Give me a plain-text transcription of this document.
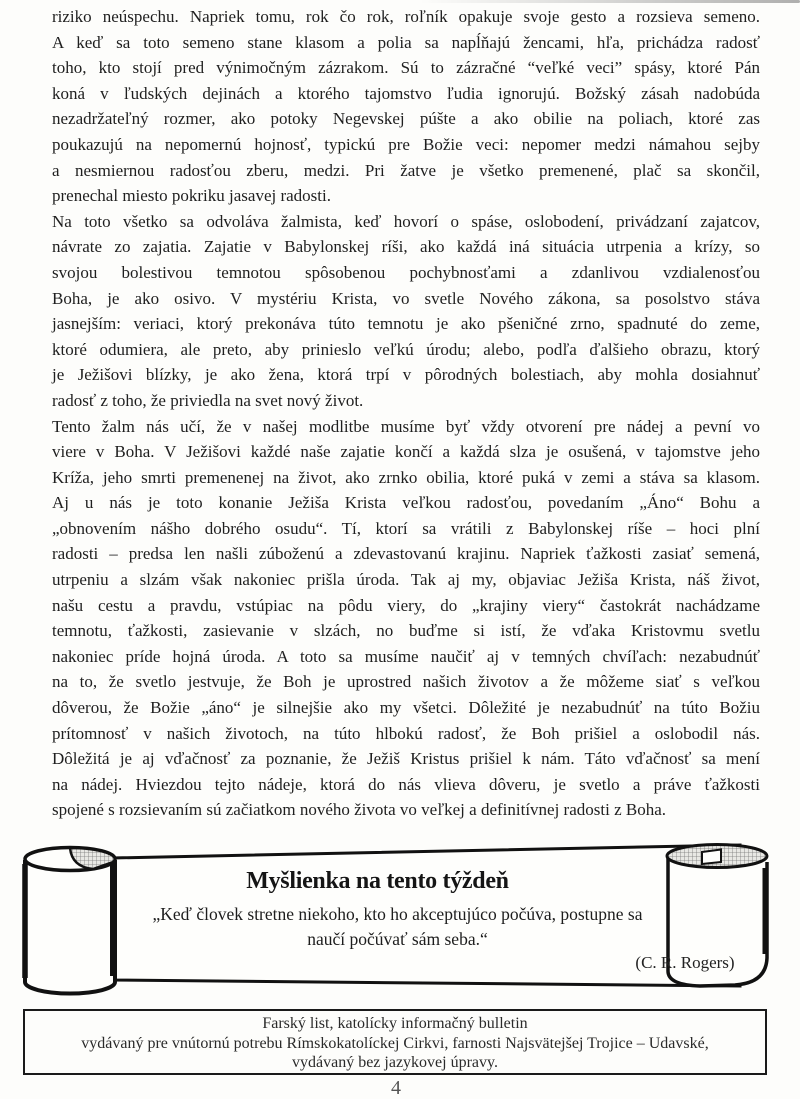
riziko neúspechu. Napriek tomu, rok čo rok, roľník opakuje svoje gesto a rozsieva semeno.
A keď sa toto semeno stane klasom a polia sa napĺňajú žencami, hľa, prichádza radosť
toho, kto stojí pred výnimočným zázrakom. Sú to zázračné “veľké veci” spásy, ktoré Pán
koná v ľudských dejinách a ktorého tajomstvo ľudia ignorujú. Božský zásah nadobúda
nezadržateľný rozmer, ako potoky Negevskej púšte a ako obilie na poliach, ktoré zas
poukazujú na nepomernú hojnosť, typickú pre Božie veci: nepomer medzi námahou sejby
a nesmiernou radosťou zberu, medzi. Pri žatve je všetko premenené, plač sa skončil,
prenechal miesto pokriku jasavej radosti.
Na toto všetko sa odvoláva žalmista, keď hovorí o spáse, oslobodení, privádzaní zajatcov,
návrate zo zajatia. Zajatie v Babylonskej ríši, ako každá iná situácia utrpenia a krízy, so
svojou bolestivou temnotou spôsobenou pochybnosťami a zdanlivou vzdialenosťou
Boha, je ako osivo. V mystériu Krista, vo svetle Nového zákona, sa posolstvo stáva
jasnejším: veriaci, ktorý prekonáva túto temnotu je ako pšeničné zrno, spadnuté do zeme,
ktoré odumiera, ale preto, aby prinieslo veľkú úrodu; alebo, podľa ďalšieho obrazu, ktorý
je Ježišovi blízky, je ako žena, ktorá trpí v pôrodných bolestiach, aby mohla dosiahnuť
radosť z toho, že priviedla na svet nový život.
Tento žalm nás učí, že v našej modlitbe musíme byť vždy otvorení pre nádej a pevní vo
viere v Boha. V Ježišovi každé naše zajatie končí a každá slza je osušená, v tajomstve jeho
Kríža, jeho smrti premenenej na život, ako zrnko obilia, ktoré puká v zemi a stáva sa klasom.
Aj u nás je toto konanie Ježiša Krista veľkou radosťou, povedaním „Áno“ Bohu a
„obnovením nášho dobrého osudu“. Tí, ktorí sa vrátili z Babylonskej ríše – hoci plní
radosti – predsa len našli zúboženú a zdevastovanú krajinu. Napriek ťažkosti zasiať semená,
utrpeniu a slzám však nakoniec prišla úroda. Tak aj my, objaviac Ježiša Krista, náš život,
našu cestu a pravdu, vstúpiac na pôdu viery, do „krajiny viery“ častokrát nachádzame
temnotu, ťažkosti, zasievanie v slzách, no buďme si istí, že vďaka Kristovmu svetlu
nakoniec príde hojná úroda. A toto sa musíme naučiť aj v temných chvíľach: nezabudnúť
na to, že svetlo jestvuje, že Boh je uprostred našich životov a že môžeme siať s veľkou
dôverou, že Božie „áno“ je silnejšie ako my všetci. Dôležité je nezabudnúť na túto Božiu
prítomnosť v našich životoch, na túto hlbokú radosť, že Boh prišiel a oslobodil nás.
Dôležitá je aj vďačnosť za poznanie, že Ježiš Kristus prišiel k nám. Táto vďačnosť sa mení
na nádej. Hviezdou tejto nádeje, ktorá do nás vlieva dôveru, je svetlo a práve ťažkosti
spojené s rozsievaním sú začiatkom nového života vo veľkej a definitívnej radosti z Boha.
Myšlienka na tento týždeň
„Keď človek stretne niekoho, kto ho akceptujúco počúva, postupne sa
naučí počúvať sám seba.“
(C. R. Rogers)
Farský list, katolícky informačný bulletin
vydávaný pre vnútornú potrebu Rímskokatolíckej Cirkvi, farnosti Najsvätejšej Trojice – Udavské,
vydávaný bez jazykovej úpravy.
4
